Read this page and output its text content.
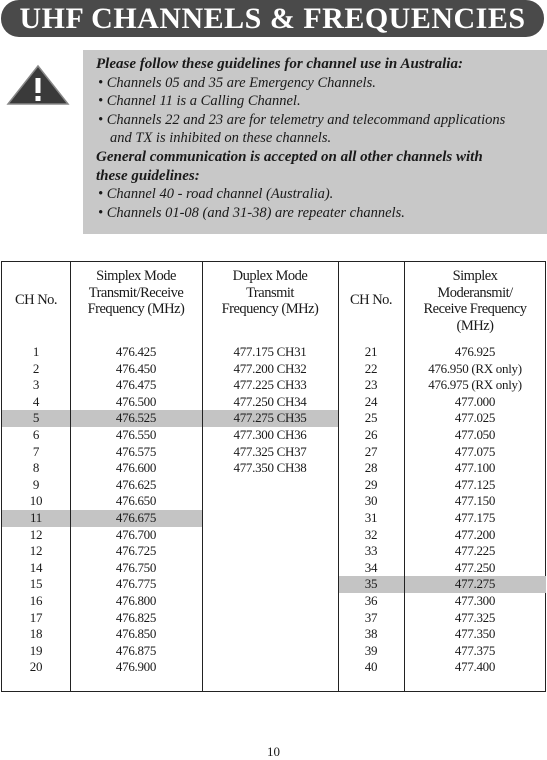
UHF CHANNELS & FREQUENCIES
Please follow these guidelines for channel use in Australia:
• Channels 05 and 35 are Emergency Channels.
• Channel 11 is a Calling Channel.
• Channels 22 and 23 are for telemetry and telecommand applications
and TX is inhibited on these channels.
General communication is accepted on all other channels with
these guidelines:
• Channel 40 - road channel (Australia).
• Channels 01-08 (and 31-38) are repeater channels.
CH No.
Simplex Mode
Transmit/Receive
Frequency (MHz)
Duplex Mode
Transmit
Frequency (MHz)
CH No.
Simplex
Moderansmit/
Receive Frequency
(MHz)
1
2
3
4
5
6
7
8
9
10
11
12
12
14
15
16
17
18
19
20
476.425
476.450
476.475
476.500
476.525
476.550
476.575
476.600
476.625
476.650
476.675
476.700
476.725
476.750
476.775
476.800
476.825
476.850
476.875
476.900
477.175 CH31
477.200 CH32
477.225 CH33
477.250 CH34
477.275 CH35
477.300 CH36
477.325 CH37
477.350 CH38
21
22
23
24
25
26
27
28
29
30
31
32
33
34
35
36
37
38
39
40
476.925
476.950 (RX only)
476.975 (RX only)
477.000
477.025
477.050
477.075
477.100
477.125
477.150
477.175
477.200
477.225
477.250
477.275
477.300
477.325
477.350
477.375
477.400
10
